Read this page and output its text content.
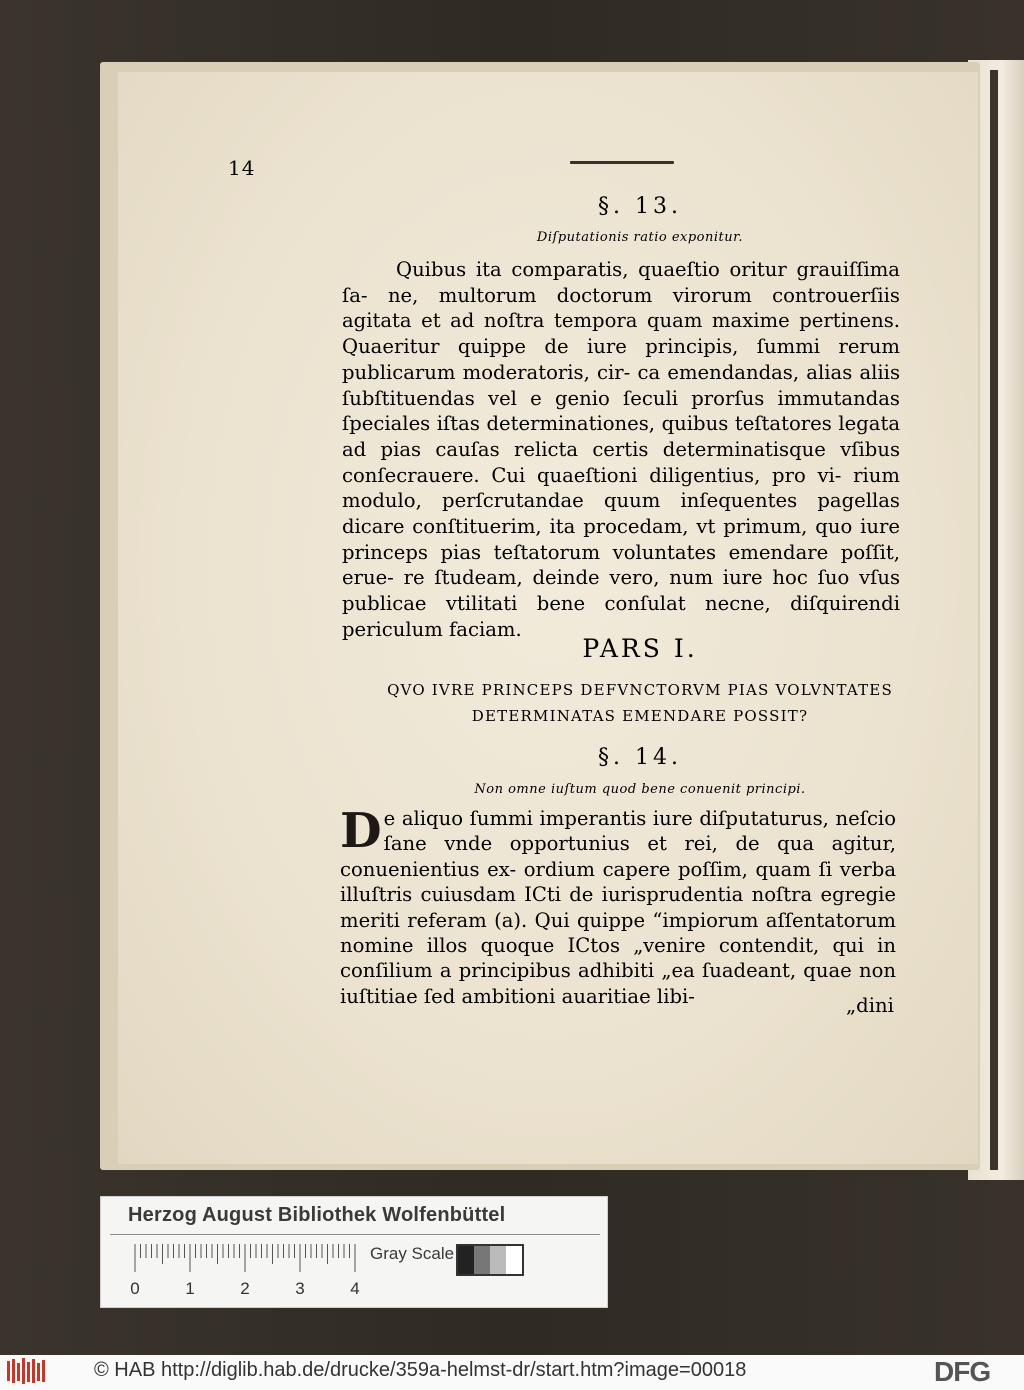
14
§. 13.
Diſputationis ratio exponitur.
Quibus ita comparatis, quaeſtio oritur grauiſſima ſa- ne, multorum doctorum virorum controuerſiis agitata et ad noſtra tempora quam maxime pertinens. Quaeritur quippe de iure principis, ſummi rerum publicarum moderatoris, cir- ca emendandas, alias aliis ſubſtituendas vel e genio ſeculi prorſus immutandas ſpeciales iſtas determinationes, quibus teſtatores legata ad pias cauſas relicta certis determinatisque vſibus conſecrauere. Cui quaeſtioni diligentius, pro vi- rium modulo, perſcrutandae quum inſequentes pagellas dicare conſtituerim, ita procedam, vt primum, quo iure princeps pias teſtatorum voluntates emendare poſſit, erue- re ſtudeam, deinde vero, num iure hoc ſuo vſus publicae vtilitati bene conſulat necne, diſquirendi periculum faciam.
PARS I.
QVO IVRE PRINCEPS DEFVNCTORVM PIAS VOLVNTATES
DETERMINATAS EMENDARE POSSIT?
§. 14.
Non omne iuſtum quod bene conuenit principi.
D e aliquo ſummi imperantis iure diſputaturus, neſcio ſane vnde opportunius et rei, de qua agitur, conuenientius ex- ordium capere poſſim, quam ſi verba illuſtris cuiusdam ICti de iurisprudentia noſtra egregie meriti referam (a). Qui quippe “impiorum aſſentatorum nomine illos quoque ICtos „venire contendit, qui in conſilium a principibus adhibiti „ea ſuadeant, quae non iuſtitiae ſed ambitioni auaritiae libi-	„dini
Herzog August Bibliothek Wolfenbüttel
0	1	2	3	4
Gray Scale
© HAB http://diglib.hab.de/drucke/359a-helmst-dr/start.htm?image=00018	DFG
